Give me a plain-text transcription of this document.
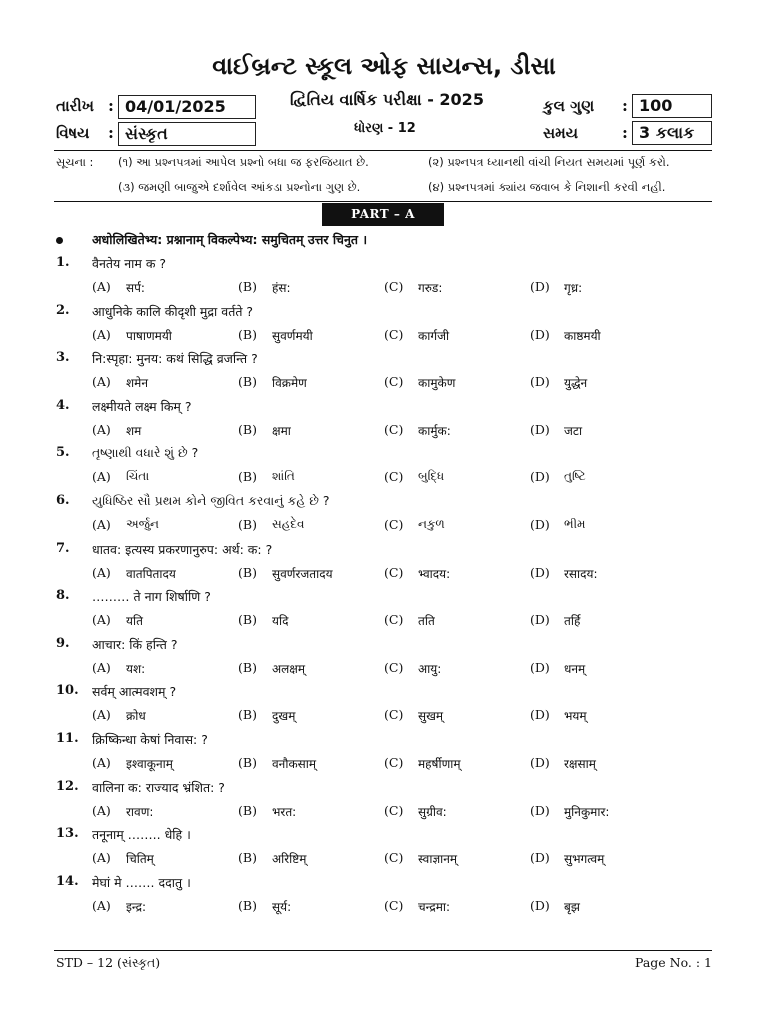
વાઈબ્રન્ટ સ્કૂલ ઓફ સાયન્સ, ડીસા
તારીખ : 04/01/2025	દ્વિતિય વાર્ષિક પરીક્ષા - 2025	કુલ ગુણ : 100
વિષય : સંસ્કૃત	ધોરણ - 12	સમય	: 3 કલાક
સૂચના : (૧) આ પ્રશ્નપત્રમાં આપેલ પ્રશ્નો બધા જ ફરજિયાત છે.	(૨) પ્રશ્નપત્ર ધ્યાનથી વાંચી નિયત સમયમાં પૂર્ણ કરો.
(૩) જમણી બાજુએ દર્શાવેલ આંકડા પ્રશ્નોના ગુણ છે.	(૪) પ્રશ્નપત્રમાં ક્યાંય જવાબ કે નિશાની કરવી નહી.
PART – A
अधोलिखितेभ्य: प्रश्नानाम् विकल्पेभ्य: समुचितम् उत्तर चिनुत ।
1. वैनतेय नाम क ?
(A) सर्प:	(B) हंस:	(C) गरुड:	(D) गृध्र:
2. आधुनिके कालि कीदृशी मुद्रा वर्तते ?
(A) पाषाणमयी	(B) सुवर्णमयी	(C) कार्गजी	(D) काष्ठमयी
3. नि:स्पृहा: मुनय: कथं सिद्धि व्रजन्ति ?
(A) शमेन	(B) विक्रमेण	(C) कामुकेण	(D) युद्धेन
4. लक्ष्मीयते लक्ष्म किम् ?
(A) शम	(B) क्षमा	(C) कार्मुक:	(D) जटा
5. તૃષ્ણાથી વધારે શું છે ?
(A) ચિંતા	(B) શાંતિ	(C) બુદ્ધિ	(D) તુષ્ટિ
6. યુધિષ્ઠિર સૌ પ્રથમ કોને જીવિત કરવાનું કહે છે ?
(A) અર્જુન	(B) સહદેવ	(C) નકુળ	(D) ભીમ
7. धातव: इत्यस्य प्रकरणानुरुप: अर्थ: क: ?
(A) वातपितादय	(B) सुवर्णरजतादय	(C) भ्वादय:	(D) रसादय:
8. ……… ते नाग शिर्षाणि ?
(A) यति	(B) यदि	(C) तति	(D) तर्हि
9. आचार: किं हन्ति ?
(A) यश:	(B) अलक्षम्	(C) आयु:	(D) धनम्
10. सर्वम् आत्मवशम् ?
(A) क्रोध	(B) दुखम्	(C) सुखम्	(D) भयम्
11. क्रिष्किन्धा केषां निवास: ?
(A) इश्वाकूनाम्	(B) वनौकसाम्	(C) महर्षीणाम्	(D) रक्षसाम्
12. वालिना क: राज्याद भ्रंशित: ?
(A) रावण:	(B) भरत:	(C) सुग्रीव:	(D) मुनिकुमार:
13. तनूनाम् …….. धेहि ।
(A) चितिम्	(B) अरिष्टिम्	(C) स्वाज्ञानम्	(D) सुभगत्वम्
14. मेघां मे ……. ददातु ।
(A) इन्द्र:	(B) सूर्य:	(C) चन्द्रमा:	(D) बृझ
STD – 12 (સંસ્કૃત)	Page No. : 1
